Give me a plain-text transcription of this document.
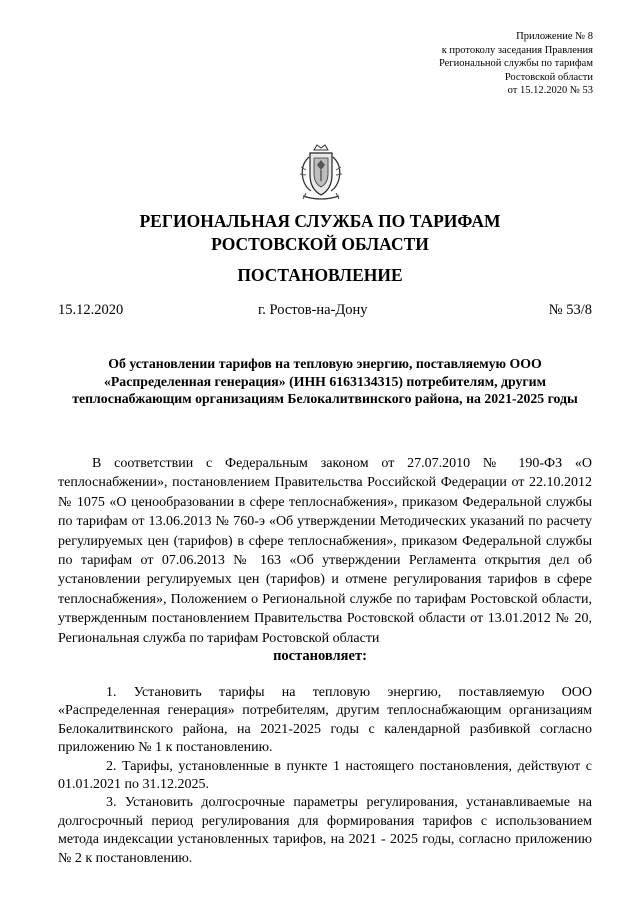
Приложение № 8
к протоколу заседания Правления
Региональной службы по тарифам
Ростовской области
от 15.12.2020 № 53
РЕГИОНАЛЬНАЯ СЛУЖБА ПО ТАРИФАМ
РОСТОВСКОЙ ОБЛАСТИ
ПОСТАНОВЛЕНИЕ
15.12.2020	г. Ростов-на-Дону	№ 53/8
Об установлении тарифов на тепловую энергию, поставляемую ООО «Распределенная генерация» (ИНН 6163134315) потребителям, другим теплоснабжающим организациям Белокалитвинского района, на 2021-2025 годы

В соответствии с Федеральным законом от 27.07.2010 № 190-ФЗ «О теплоснабжении», постановлением Правительства Российской Федерации от 22.10.2012 № 1075 «О ценообразовании в сфере теплоснабжения», приказом Федеральной службы по тарифам от 13.06.2013 № 760-э «Об утверждении Методических указаний по расчету регулируемых цен (тарифов) в сфере теплоснабжения», приказом Федеральной службы по тарифам от 07.06.2013 № 163 «Об утверждении Регламента открытия дел об установлении регулируемых цен (тарифов) и отмене регулирования тарифов в сфере теплоснабжения», Положением о Региональной службе по тарифам Ростовской области, утвержденным постановлением Правительства Ростовской области от 13.01.2012 № 20, Региональная служба по тарифам Ростовской области

постановляет:

1. Установить тарифы на тепловую энергию, поставляемую ООО «Распределенная генерация» потребителям, другим теплоснабжающим организациям Белокалитвинского района, на 2021-2025 годы с календарной разбивкой согласно приложению № 1 к постановлению.

2. Тарифы, установленные в пункте 1 настоящего постановления, действуют с 01.01.2021 по 31.12.2025.

3. Установить долгосрочные параметры регулирования, устанавливаемые на долгосрочный период регулирования для формирования тарифов с использованием метода индексации установленных тарифов, на 2021 - 2025 годы, согласно приложению № 2 к постановлению.
